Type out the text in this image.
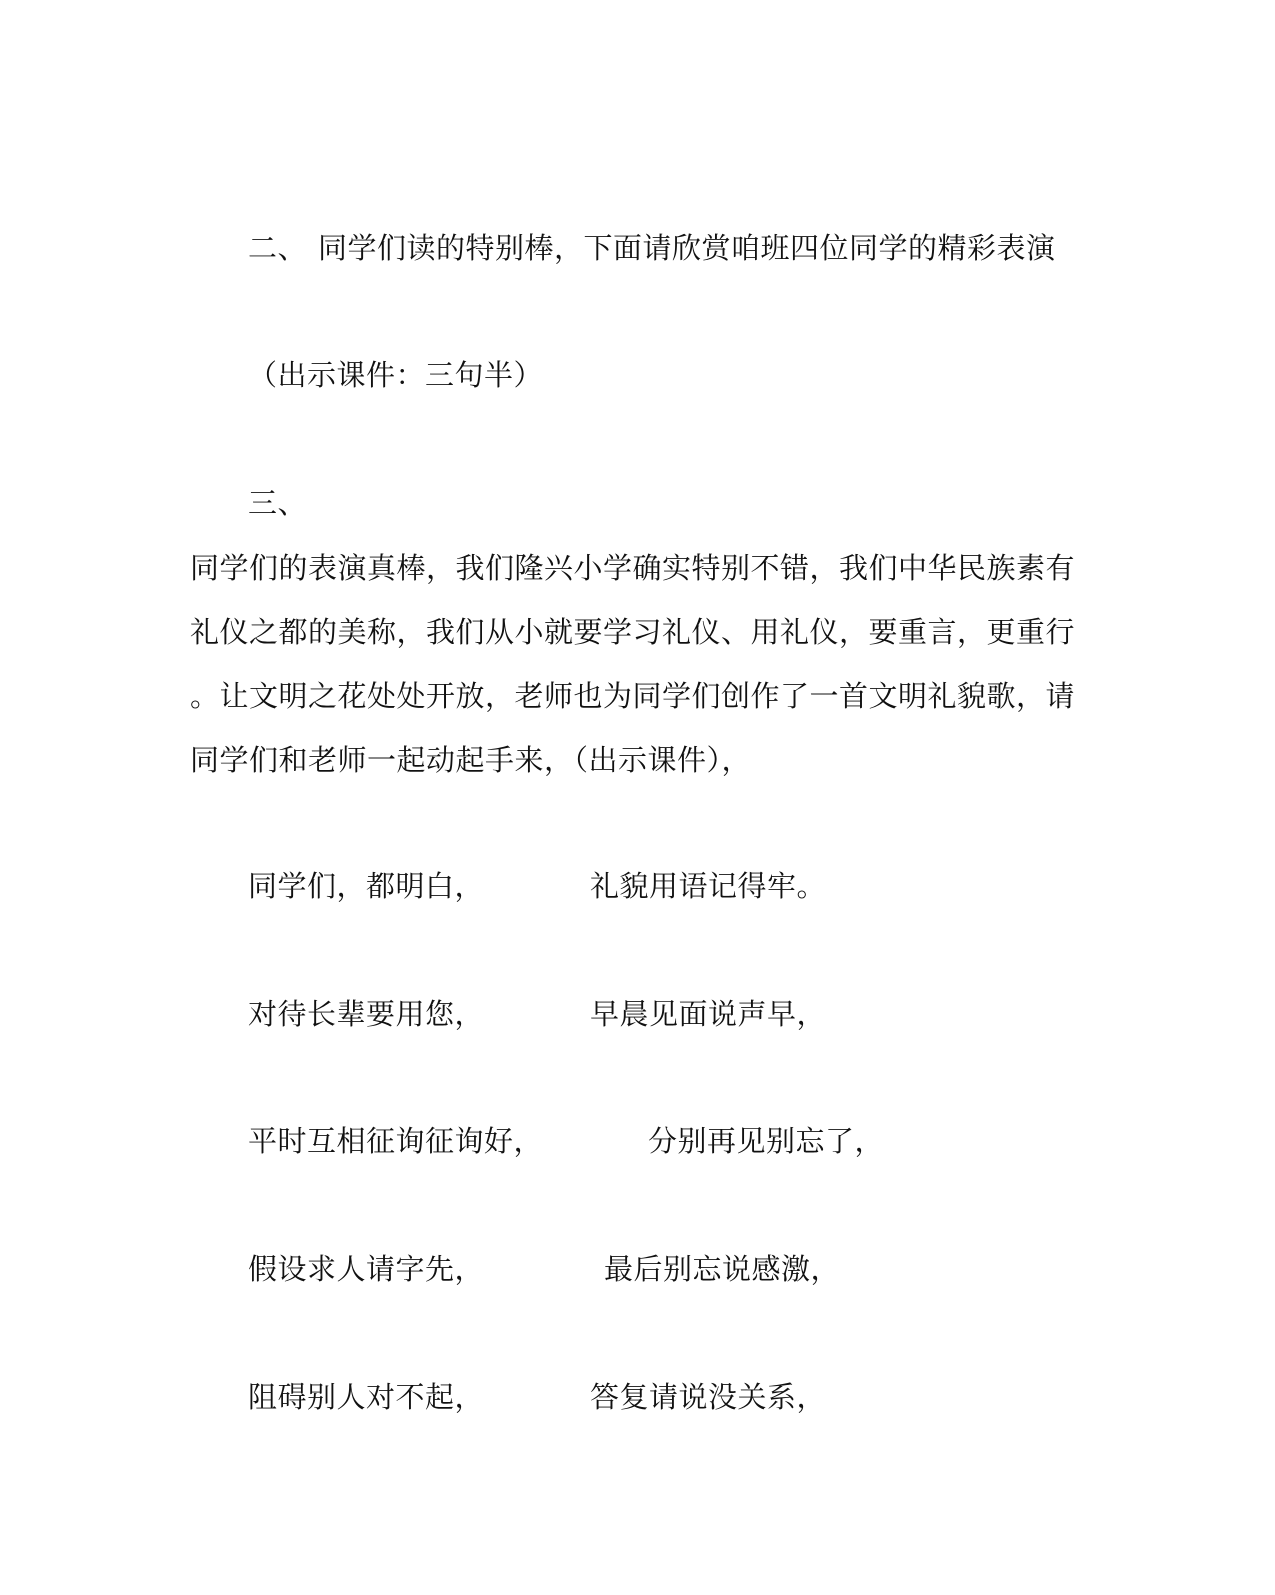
二、 同学们读的特别棒，下面请欣赏咱班四位同学的精彩表演
（出示课件：三句半）
三、
同学们的表演真棒，我们隆兴小学确实特别不错，我们中华民族素有
礼仪之都的美称，我们从小就要学习礼仪、用礼仪，要重言，更重行
。让文明之花处处开放，老师也为同学们创作了一首文明礼貌歌，请
同学们和老师一起动起手来，（出示课件），
同学们，都明白，	礼貌用语记得牢。
对待长辈要用您，	早晨见面说声早，
平时互相征询征询好，	分别再见别忘了，
假设求人请字先，	最后别忘说感激，
阻碍别人对不起，	答复请说没关系，
